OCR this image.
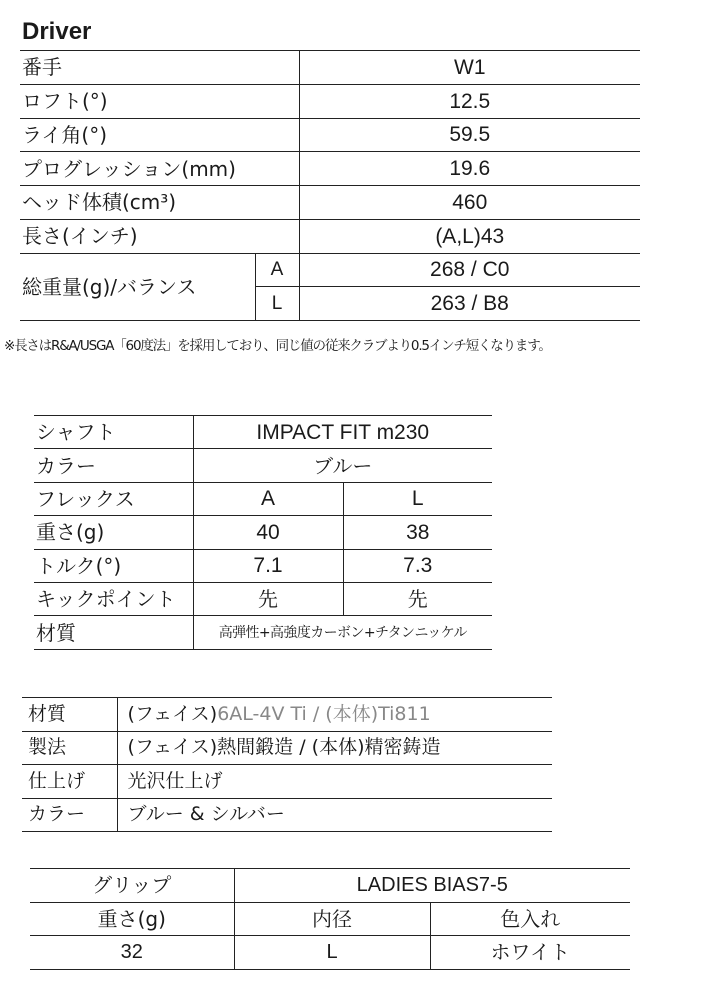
Driver
番手		W1
ロフト(°)		12.5
ライ角(°)		59.5
プログレッション(mm)		19.6
ヘッド体積(cm³)		460
長さ(インチ)		(A,L)43
総重量(g)/バランス	A	268 / C0
	L	263 / B8
※長さはR&A/USGA「60度法」を採用しており、同じ値の従来クラブより0.5インチ短くなります。
シャフト	IMPACT FIT m230	
カラー	ブルー	
フレックス	A	L
重さ(g)	40	38
トルク(°)	7.1	7.3
キックポイント	先	先
材質	高弾性+高強度カーボン+チタンニッケル	
材質	(フェイス)6AL-4V Ti / (本体)Ti811
製法	(フェイス)熱間鍛造 / (本体)精密鋳造
仕上げ	光沢仕上げ
カラー	ブルー & シルバー
グリップ	LADIES BIAS7-5	
重さ(g)	内径	色入れ
32	L	ホワイト
